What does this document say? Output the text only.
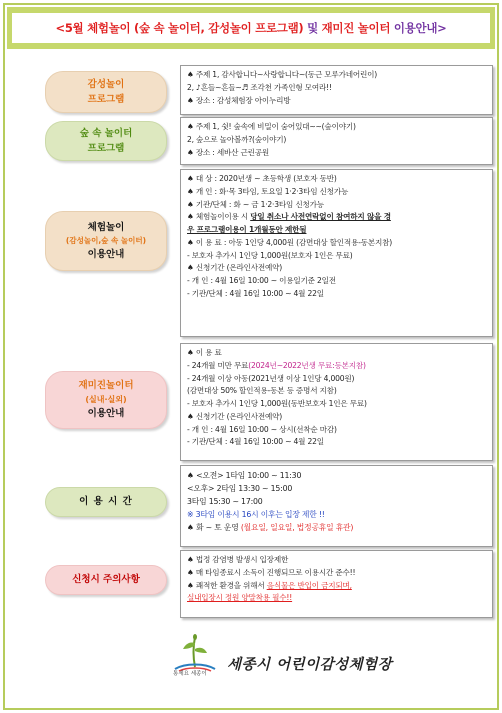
<5월
체험놀이 (숲 속 놀이터, 감성놀이 프로그램)
및
재미진 놀이터
이용안내>
감성놀이
프로그램
♠ 주제 1, 감사합니다~사랑합니다~(동근 모루가네어린이)
2, ♪흔들~흔들~♬ 조각천 가족인형 모여라!!
♠ 장소 : 감성체험장 아이누리방
숲 속 놀이터
프로그램
♠ 주제 1, 쉿! 숲속에 비밀이 숨어있대~~(숲이야기)
2, 숲으로 놀아볼까?(숲이야기)
♠ 장소 : 세바산 근린공원
체험놀이
(감성놀이,숲 속 놀이터)
이용안내
♠ 대 상 : 2020년생 ~ 초등학생 (보호자 동반)
♠ 개 인 : 화·목 3타임, 토요일 1·2·3타임 신청가능
♠ 기관/단체 : 화 ~ 금 1·2·3타임 신청가능
♠ 체험놀이이용 시 당일 취소나 사전연락없이 참여하지 않을 경
우 프로그램이용이 1개월동안 제한됨
♠ 이 용 료 : 아동 1인당 4,000원 (감면대상 할인적용-동본지참)
- 보호자 추가시 1인당 1,000원(보호자 1인은 무료)
♠ 신청기간 (온라인사전예약)
- 개 인 : 4월 16일 10:00 ~ 이용일기준 2일전
- 기관/단체 : 4월 16일 10:00 ~ 4월 22일
재미진놀이터
(실내·실외)
이용안내
♠ 이 용 료
- 24개월 미만 무료(2024년~2022년생 무료:등본지참)
- 24개월 이상 아동(2021년생 이상 1인당 4,000원)
(감면대상 50% 할인적용-동본 등 증명서 지참)
- 보호자 추가시 1인당 1,000원(동반보호자 1인은 무료)
♠ 신청기간 (온라인사전예약)
- 개 인 : 4월 16일 10:00 ~ 상시(선착순 마감)
- 기관/단체 : 4월 16일 10:00 ~ 4월 22일
이 용 시 간
♠ <오전> 1타임 10:00 ~ 11:30
<오후> 2타임 13:30 ~ 15:00
3타임 15:30 ~ 17:00
※ 3타임 이용시 16시 이후는 입장 제한 !!
♠ 화 ~ 토 운영 (월요일, 일요일, 법정공휴일 휴관)
신청시 주의사항
♠ 법정 감염병 발생시 입장제한
♠ 매 타임종료시 소독이 진행되므로 이용시간 준수!!
♠ 쾌적한 환경을 위해서 음식물은 반입이 금지되며,
실내입장시 정원 양말착용 필수!!
통세요 세종이
세종시 어린이감성체험장
